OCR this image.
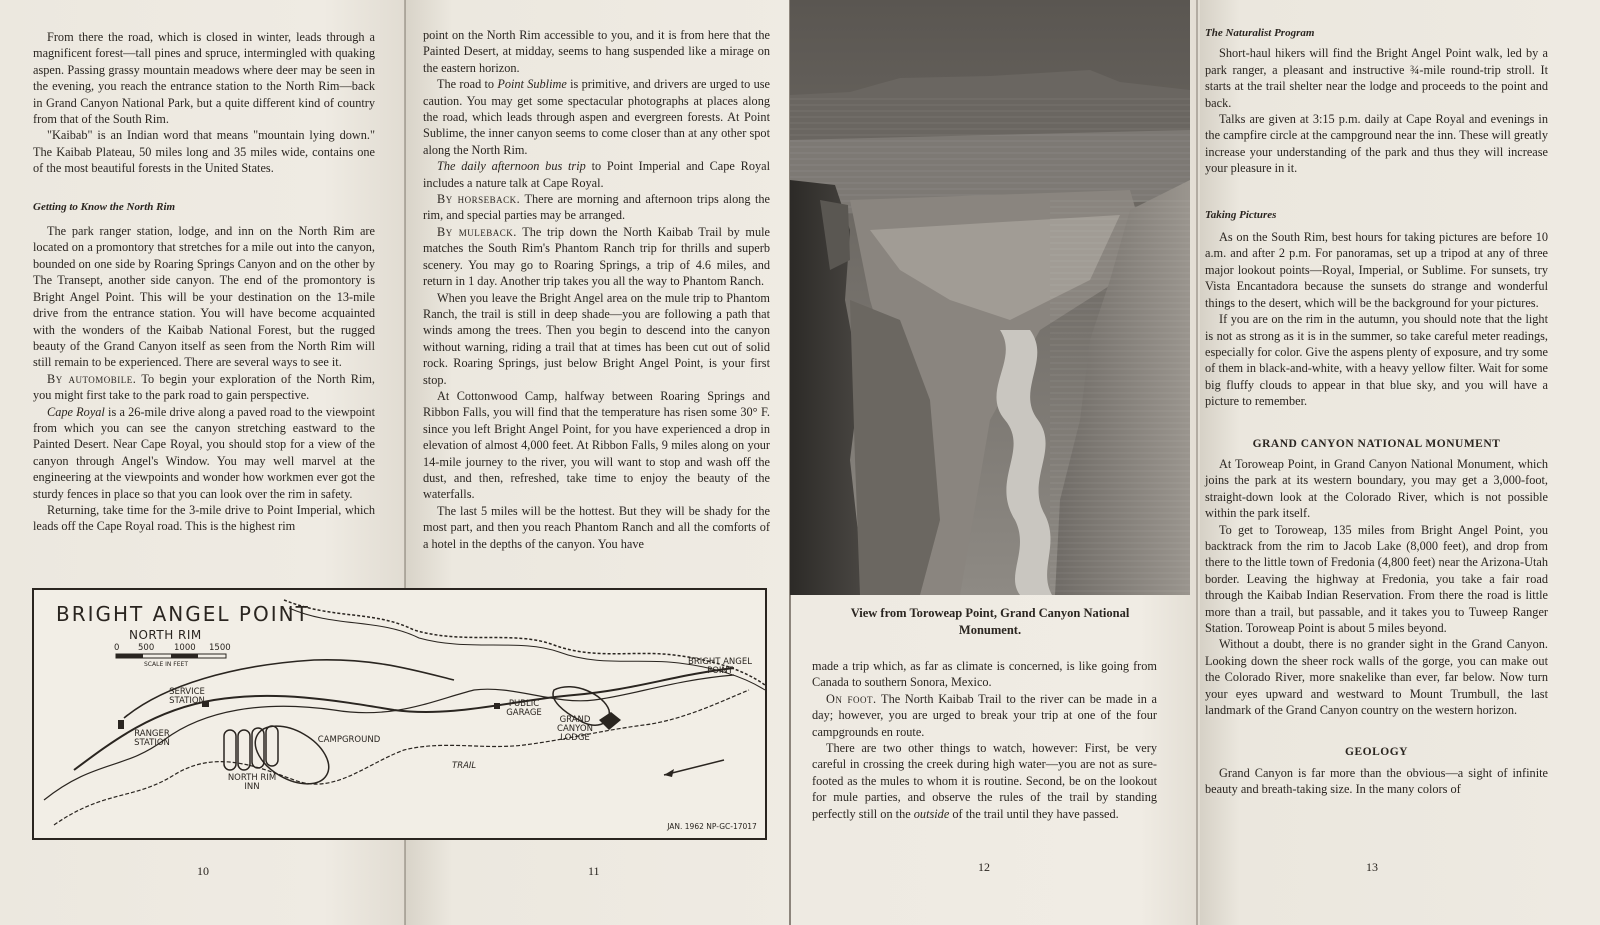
From there the road, which is closed in winter, leads through a magnificent forest—tall pines and spruce, intermingled with quaking aspen. Passing grassy mountain meadows where deer may be seen in the evening, you reach the entrance station to the North Rim—back in Grand Canyon National Park, but a quite different kind of country from that of the South Rim.

"Kaibab" is an Indian word that means "mountain lying down." The Kaibab Plateau, 50 miles long and 35 miles wide, contains one of the most beautiful forests in the United States.

Getting to Know the North Rim

The park ranger station, lodge, and inn on the North Rim are located on a promontory that stretches for a mile out into the canyon, bounded on one side by Roaring Springs Canyon and on the other by The Transept, another side canyon. The end of the promontory is Bright Angel Point. This will be your destination on the 13-mile drive from the entrance station. You will have become acquainted with the wonders of the Kaibab National Forest, but the rugged beauty of the Grand Canyon itself as seen from the North Rim will still remain to be experienced. There are several ways to see it.

By automobile. To begin your exploration of the North Rim, you might first take to the park road to gain perspective.

Cape Royal is a 26-mile drive along a paved road to the viewpoint from which you can see the canyon stretching eastward to the Painted Desert. Near Cape Royal, you should stop for a view of the canyon through Angel's Window. You may well marvel at the engineering at the viewpoints and wonder how workmen ever got the sturdy fences in place so that you can look over the rim in safety.

Returning, take time for the 3-mile drive to Point Imperial, which leads off the Cape Royal road. This is the highest rim

10

point on the North Rim accessible to you, and it is from here that the Painted Desert, at midday, seems to hang suspended like a mirage on the eastern horizon.

The road to Point Sublime is primitive, and drivers are urged to use caution. You may get some spectacular photographs at places along the road, which leads through aspen and evergreen forests. At Point Sublime, the inner canyon seems to come closer than at any other spot along the North Rim.

The daily afternoon bus trip to Point Imperial and Cape Royal includes a nature talk at Cape Royal.

By horseback. There are morning and afternoon trips along the rim, and special parties may be arranged.

By muleback. The trip down the North Kaibab Trail by mule matches the South Rim's Phantom Ranch trip for thrills and superb scenery. You may go to Roaring Springs, a trip of 4.6 miles, and return in 1 day. Another trip takes you all the way to Phantom Ranch.

When you leave the Bright Angel area on the mule trip to Phantom Ranch, the trail is still in deep shade—you are following a path that winds among the trees. Then you begin to descend into the canyon without warning, riding a trail that at times has been cut out of solid rock. Roaring Springs, just below Bright Angel Point, is your first stop.

At Cottonwood Camp, halfway between Roaring Springs and Ribbon Falls, you will find that the temperature has risen some 30° F. since you left Bright Angel Point, for you have experienced a drop in elevation of almost 4,000 feet. At Ribbon Falls, 9 miles along on your 14-mile journey to the river, you will want to stop and wash off the dust, and then, refreshed, take time to enjoy the beauty of the waterfalls.

The last 5 miles will be the hottest. But they will be shady for the most part, and then you reach Phantom Ranch and all the comforts of a hotel in the depths of the canyon. You have

11

made a trip which, as far as climate is concerned, is like going from Canada to southern Sonora, Mexico.

On foot. The North Kaibab Trail to the river can be made in a day; however, you are urged to break your trip at one of the four campgrounds en route.

There are two other things to watch, however: First, be very careful in crossing the creek during high water—you are not as sure-footed as the mules to whom it is routine. Second, be on the lookout for mule parties, and observe the rules of the trail by standing perfectly still on the outside of the trail until they have passed.

12
The Naturalist Program

Short-haul hikers will find the Bright Angel Point walk, led by a park ranger, a pleasant and instructive ¾-mile round-trip stroll. It starts at the trail shelter near the lodge and proceeds to the point and back.

Talks are given at 3:15 p.m. daily at Cape Royal and evenings in the campfire circle at the campground near the inn. These will greatly increase your understanding of the park and thus they will increase your pleasure in it.

Taking Pictures

As on the South Rim, best hours for taking pictures are before 10 a.m. and after 2 p.m. For panoramas, set up a tripod at any of three major lookout points—Royal, Imperial, or Sublime. For sunsets, try Vista Encantadora because the sunsets do strange and wonderful things to the desert, which will be the background for your pictures.

If you are on the rim in the autumn, you should note that the light is not as strong as it is in the summer, so take careful meter readings, especially for color. Give the aspens plenty of exposure, and try some of them in black-and-white, with a heavy yellow filter. Wait for some big fluffy clouds to appear in that blue sky, and you will have a picture to remember.

GRAND CANYON NATIONAL MONUMENT

At Toroweap Point, in Grand Canyon National Monument, which joins the park at its western boundary, you may get a 3,000-foot, straight-down look at the Colorado River, which is not possible within the park itself.

To get to Toroweap, 135 miles from Bright Angel Point, you backtrack from the rim to Jacob Lake (8,000 feet), and drop from there to the little town of Fredonia (4,800 feet) near the Arizona-Utah border. Leaving the highway at Fredonia, you take a fair road through the Kaibab Indian Reservation. From there the road is little more than a trail, but passable, and it takes you to Tuweep Ranger Station. Toroweap Point is about 5 miles beyond.

Without a doubt, there is no grander sight in the Grand Canyon. Looking down the sheer rock walls of the gorge, you can make out the Colorado River, more snakelike than ever, far below. Now turn your eyes upward and westward to Mount Trumbull, the last landmark of the Grand Canyon country on the western horizon.

GEOLOGY

Grand Canyon is far more than the obvious—a sight of infinite beauty and breath-taking size. In the many colors of

13
View from Toroweap Point, Grand Canyon National Monument.
BRIGHT ANGEL POINT
NORTH RIM
0 500 1000 1500
SCALE IN FEET
SERVICE STATION
RANGER STATION	CAMPGROUND
NORTH RIM INN
PUBLIC GARAGE
GRAND CANYON LODGE
BRIGHT ANGEL POINT
TRAIL
JAN. 1962 NP-GC-17017
